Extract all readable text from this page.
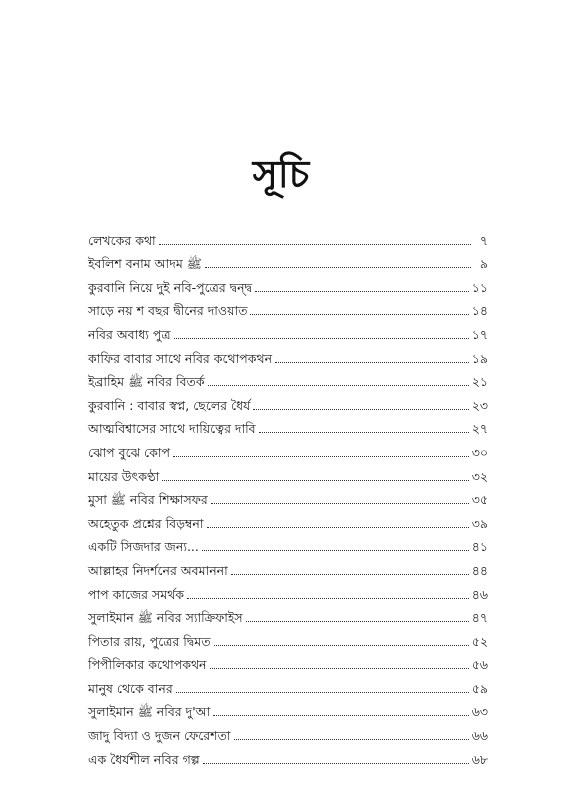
সূচি
লেখকের কথা	৭
ইবলিশ বনাম আদম ﷺ	৯
কুরবানি নিয়ে দুই নবি-পুত্রের দ্বন্দ্ব	১১
সাড়ে নয় শ বছর দ্বীনের দাওয়াত	১৪
নবির অবাধ্য পুত্র	১৭
কাফির বাবার সাথে নবির কথোপকথন	১৯
ইব্রাহিম ﷺ নবির বিতর্ক	২১
কুরবানি : বাবার স্বপ্ন, ছেলের ধৈর্য	২৩
আত্মবিশ্বাসের সাথে দায়িত্বের দাবি	২৭
ঝোপ বুঝে কোপ	৩০
মায়ের উৎকণ্ঠা	৩২
মুসা ﷺ নবির শিক্ষাসফর	৩৫
অহেতুক প্রশ্নের বিড়ম্বনা	৩৯
একটি সিজদার জন্য...	৪১
আল্লাহর নিদর্শনের অবমাননা	৪৪
পাপ কাজের সমর্থক	৪৬
সুলাইমান ﷺ নবির স্যাক্রিফাইস	৪৭
পিতার রায়, পুত্রের দ্বিমত	৫২
পিপীলিকার কথোপকথন	৫৬
মানুষ থেকে বানর	৫৯
সুলাইমান ﷺ নবির দু'আ	৬৩
জাদু বিদ্যা ও দুজন ফেরেশতা	৬৬
এক ধৈর্যশীল নবির গল্প	৬৮
